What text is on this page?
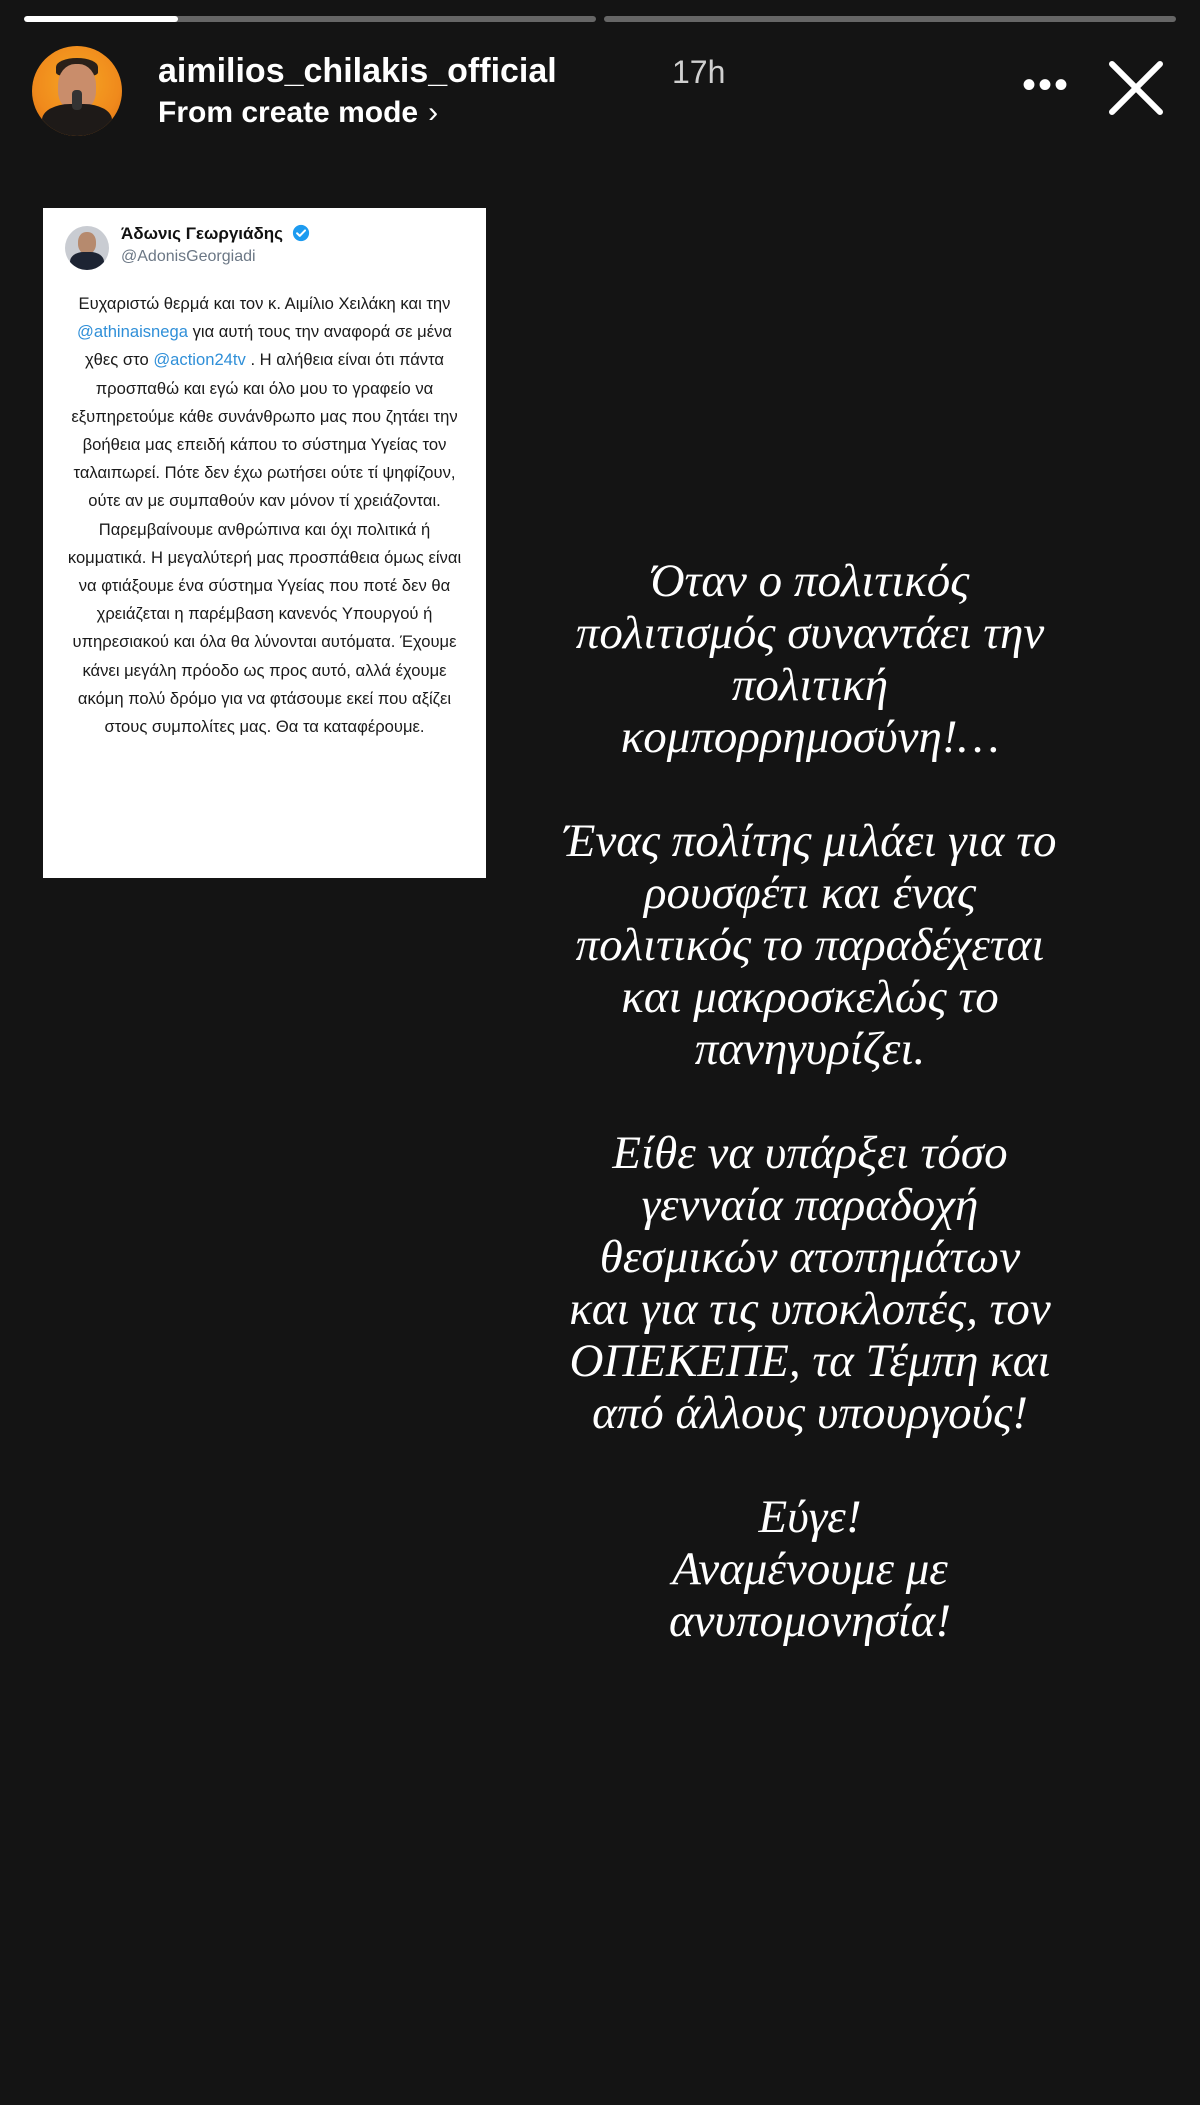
aimilios_chilakis_official	17h
From create mode ›
•••
Άδωνις Γεωργιάδης
@AdonisGeorgiadi
Ευχαριστώ θερμά και τον κ. Αιμίλιο Χειλάκη και την @athinaisnega για αυτή τους την αναφορά σε μένα χθες στο @action24tv . Η αλήθεια είναι ότι πάντα προσπαθώ και εγώ και όλο μου το γραφείο να εξυπηρετούμε κάθε συνάνθρωπο μας που ζητάει την βοήθεια μας επειδή κάπου το σύστημα Υγείας τον ταλαιπωρεί. Πότε δεν έχω ρωτήσει ούτε τί ψηφίζουν, ούτε αν με συμπαθούν καν μόνον τί χρειάζονται. Παρεμβαίνουμε ανθρώπινα και όχι πολιτικά ή κομματικά. Η μεγαλύτερή μας προσπάθεια όμως είναι να φτιάξουμε ένα σύστημα Υγείας που ποτέ δεν θα χρειάζεται η παρέμβαση κανενός Υπουργού ή υπηρεσιακού και όλα θα λύνονται αυτόματα. Έχουμε κάνει μεγάλη πρόοδο ως προς αυτό, αλλά έχουμε ακόμη πολύ δρόμο για να φτάσουμε εκεί που αξίζει στους συμπολίτες μας. Θα τα καταφέρουμε.
Όταν ο πολιτικός
πολιτισμός συναντάει την
πολιτική
κομπορρημοσύνη!…
Ένας πολίτης μιλάει για το
ρουσφέτι και ένας
πολιτικός το παραδέχεται
και μακροσκελώς το
πανηγυρίζει.
Είθε να υπάρξει τόσο
γενναία παραδοχή
θεσμικών ατοπημάτων
και για τις υποκλοπές, τον
ΟΠΕΚΕΠΕ, τα Τέμπη και
από άλλους υπουργούς!
Εύγε!
Αναμένουμε με
ανυπομονησία!
